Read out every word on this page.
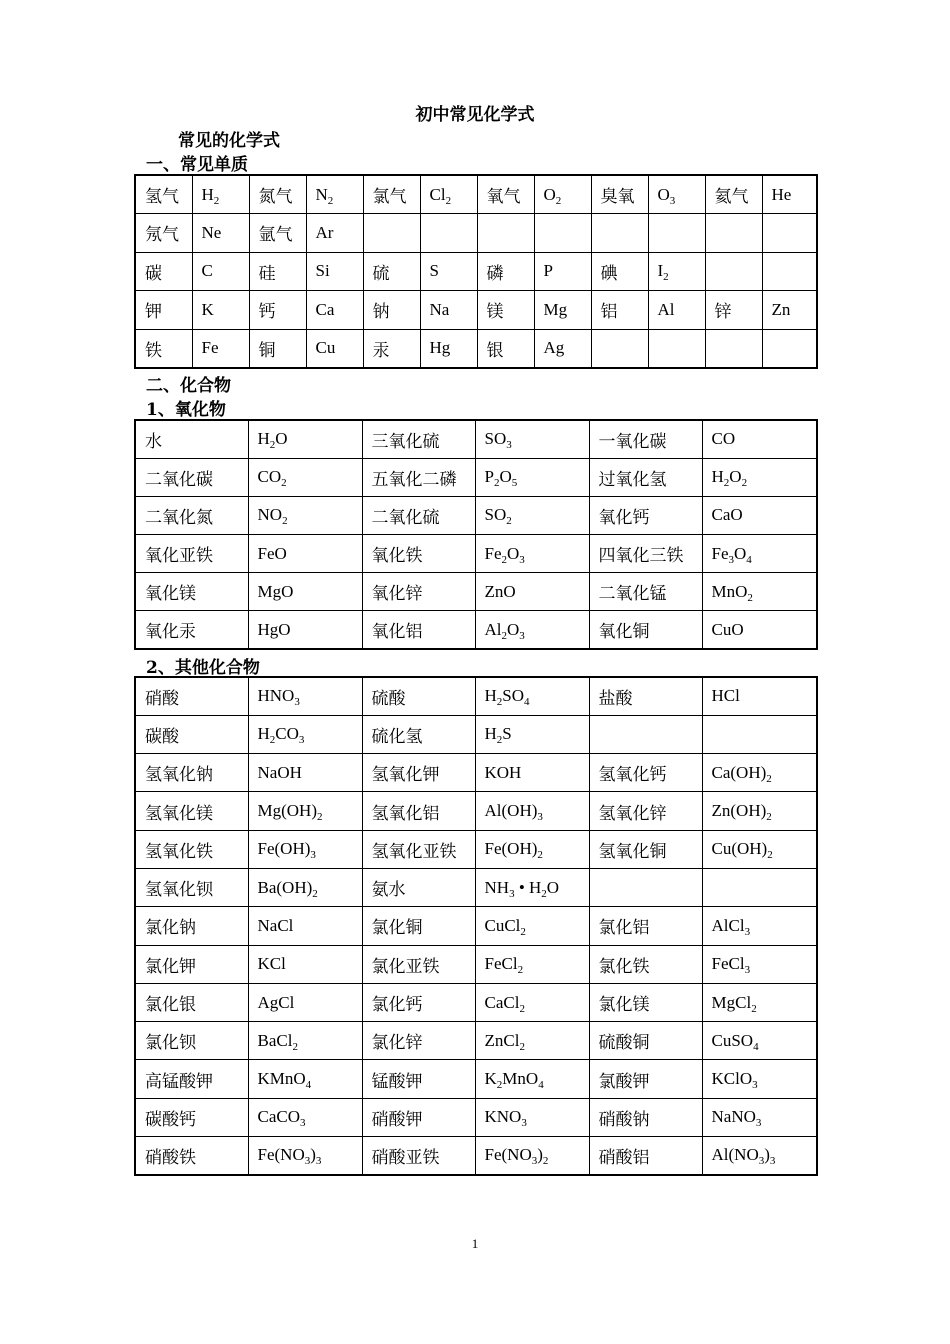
初中常见化学式
常见的化学式
一、常见单质
氢气	$H_2$	氮气	$N_2$	氯气	$Cl_2$	氧气	$O_2$	臭氧	$O_3$	氦气	He
氖气	Ne	氩气	Ar								
碳	C	硅	Si	硫	S	磷	P	碘	$I_2$		
钾	K	钙	Ca	钠	Na	镁	Mg	铝	Al	锌	Zn
铁	Fe	铜	Cu	汞	Hg	银	Ag				
二、化合物
1、氧化物
水	$H_2O$	三氧化硫	$SO_3$	一氧化碳	CO
二氧化碳	$CO_2$	五氧化二磷	$P_2O_5$	过氧化氢	$H_2O_2$
二氧化氮	$NO_2$	二氧化硫	$SO_2$	氧化钙	CaO
氧化亚铁	FeO	氧化铁	$Fe_2O_3$	四氧化三铁	$Fe_3O_4$
氧化镁	MgO	氧化锌	ZnO	二氧化锰	MnO$_2$
氧化汞	HgO	氧化铝	$Al_2O_3$	氧化铜	CuO
2、其他化合物
硝酸	$HNO_3$	硫酸	$H_2SO_4$	盐酸	HCl
碳酸	$H_2CO_3$	硫化氢	$H_2S$		
氢氧化钠	NaOH	氢氧化钾	KOH	氢氧化钙	$Ca(OH)_2$
氢氧化镁	$Mg(OH)_2$	氢氧化铝	$Al(OH)_3$	氢氧化锌	$Zn(OH)_2$
氢氧化铁	$Fe(OH)_3$	氢氧化亚铁	$Fe(OH)_2$	氢氧化铜	$Cu(OH)_2$
氢氧化钡	$Ba(OH)_2$	氨水	$NH_3$ • $H_2O$		
氯化钠	NaCl	氯化铜	CuCl$_2$	氯化铝	AlCl$_3$
氯化钾	KCl	氯化亚铁	FeCl$_2$	氯化铁	FeCl$_3$
氯化银	AgCl	氯化钙	CaCl$_2$	氯化镁	MgCl$_2$
氯化钡	BaCl$_2$	氯化锌	ZnCl$_2$	硫酸铜	CuSO$_4$
高锰酸钾	KMnO$_4$	锰酸钾	$K_2MnO_4$	氯酸钾	KClO$_3$
碳酸钙	CaCO$_3$	硝酸钾	$KNO_3$	硝酸钠	NaNO$_3$
硝酸铁	$Fe(NO_3)_3$	硝酸亚铁	$Fe(NO_3)_2$	硝酸铝	$Al(NO_3)_3$
1
